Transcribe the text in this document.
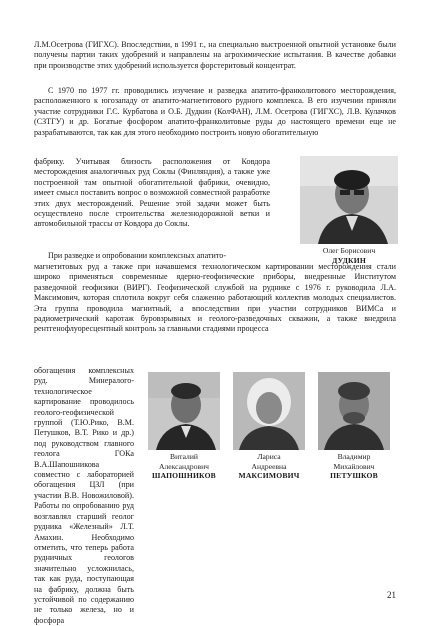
Л.М.Осетрова (ГИГХС). Впоследствии, в 1991 г., на специально выстроенной опытной установке были получены партии таких удобрений и направлены на агрохимические испытания. В качестве добавки при производстве этих удобрений используется форстеритовый концентрат.

С 1970 по 1977 гг. проводились изучение и разведка апатито-франколитового месторождения, расположенного к югозападу от апатито-магнетитового рудного комплекса. В его изучении приняли участие сотрудники Г.С. Курбатова и О.Б. Дудкин (КолФАН), Л.М. Осетрова (ГИГХС), Л.В. Кулачков (СЗТГУ) и др. Богатые фосфором апатито-франколитовые руды до настоящего времени еще не разрабатываются, так как для этого необходимо построить новую обогатительную

фабрику. Учитывая близость расположения от Ковдора месторождения аналогичных руд Соклы (Финляндия), а также уже построенной там опытной обогатительной фабрики, очевидно, имеет смысл поставить вопрос о возможной совместной разработке этих двух месторождений. Решение этой задачи может быть осуществлено после строительства железнодорожной ветки и автомобильной трассы от Ковдора до Соклы.

Олег Борисович
ДУДКИН

При разведке и опробовании комплексных апатито-

магнетитовых руд а также при начавшемся технологическом картировании месторождения стали широко применяться современные ядерно-геофизические приборы, внедренные Институтом разведочной геофизики (ВИРГ). Геофизической службой на руднике с 1976 г. руководила Л.А. Максимович, которая сплотила вокруг себя слаженно работающий коллектив молодых специалистов. Эта группа проводила магнитный, а впоследствии при участии сотрудников ВИМСа и радиометрический каротаж буровзрывных и геолого-разведочных скважин, а также внедрила рентгенофлуоресцентный контроль за главными стадиями процесса

обогащения комплексных руд. Минералого-технологическое картирование проводилось геолого-геофизической группой (Т.Ю.Рико, В.М. Петушков, В.Т. Рико и др.) под руководством главного геолога ГОКа В.А.Шапошникова совместно с лабораторией обогащения ЦЗЛ (при участии В.В. Новожиловой). Работы по опробованию руд возглавлял старший геолог рудника «Железный» Л.Т. Амахин. Необходимо отметить, что теперь работа рудничных геологов значительно усложнилась, так как руда, поступающая на фабрику, должна быть устойчивой по содержанию не только железа, но и фосфора

Виталий
Александрович
ШАПОШНИКОВ
Лариса
Андреевна
МАКСИМОВИЧ
Владимир
Михайлович
ПЕТУШКОВ
21
